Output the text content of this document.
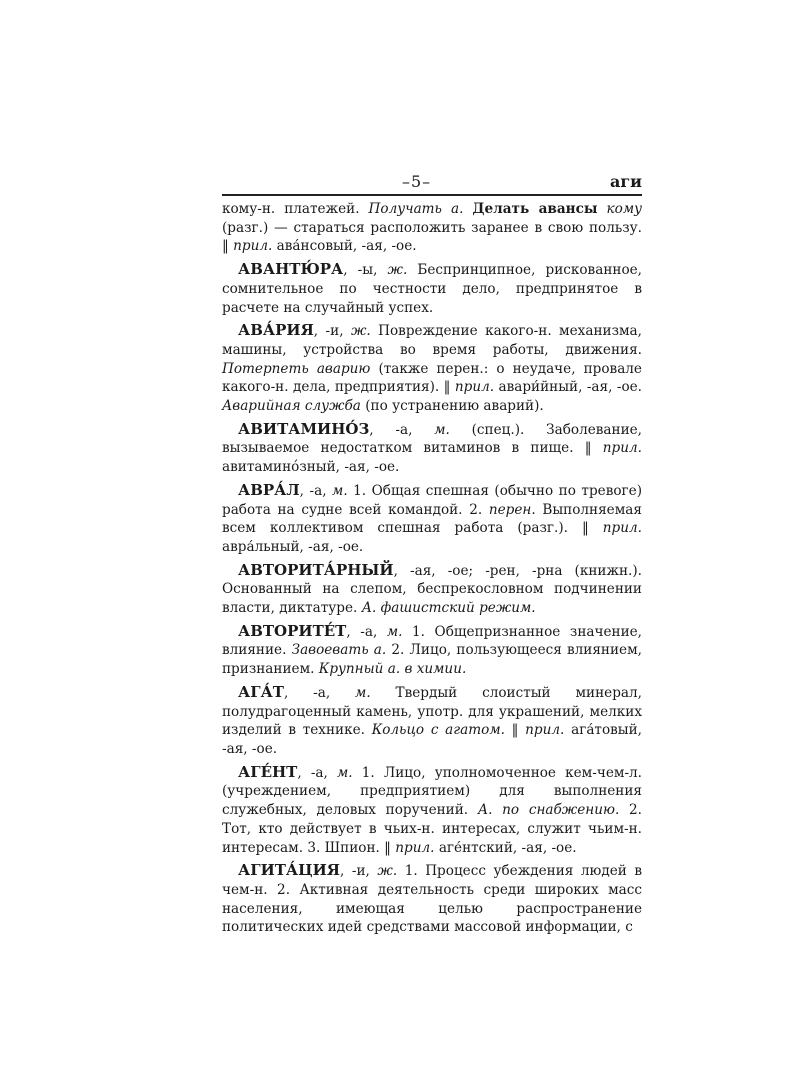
–5–	аги

кому-н. платежей. Получать а. Делать авансы кому (разг.) — стараться расположить заранее в свою пользу. ‖ прил. ава́нсовый, -ая, -ое.

АВАНТЮ́РА, -ы, ж. Беспринципное, рискованное, сомнительное по честности дело, предпринятое в расчете на случайный успех.

АВА́РИЯ, -и, ж. Повреждение какого-н. механизма, машины, устройства во время работы, движения. Потерпеть аварию (также перен.: о неудаче, провале какого-н. дела, предприятия). ‖ прил. авари́йный, -ая, -ое. Аварийная служба (по устранению аварий).

АВИТАМИНО́З, -а, м. (спец.). Заболевание, вызываемое недостатком витаминов в пище. ‖ прил. авитаминóзный, -ая, -ое.

АВРА́Л, -а, м. 1. Общая спешная (обычно по тревоге) работа на судне всей командой. 2. перен. Выполняемая всем коллективом спешная работа (разг.). ‖ прил. авра́льный, -ая, -ое.

АВТОРИТА́РНЫЙ, -ая, -ое; -рен, -рна (книжн.). Основанный на слепом, беспрекословном подчинении власти, диктатуре. А. фашистский режим.

АВТОРИТЕ́Т, -а, м. 1. Общепризнанное значение, влияние. Завоевать а. 2. Лицо, пользующееся влиянием, признанием. Крупный а. в химии.

АГА́Т, -а, м. Твердый слоистый минерал, полудрагоценный камень, употр. для украшений, мелких изделий в технике. Кольцо с агатом. ‖ прил. ага́товый, -ая, -ое.

АГЕ́НТ, -а, м. 1. Лицо, уполномоченное кем-чем-л. (учреждением, предприятием) для выполнения служебных, деловых поручений. А. по снабжению. 2. Тот, кто действует в чьих-н. интересах, служит чьим-н. интересам. 3. Шпион. ‖ прил. аге́нтский, -ая, -ое.

АГИТА́ЦИЯ, -и, ж. 1. Процесс убеждения людей в чем-н. 2. Активная деятельность среди широких масс населения, имеющая целью распространение политических идей средствами массовой информации, с
